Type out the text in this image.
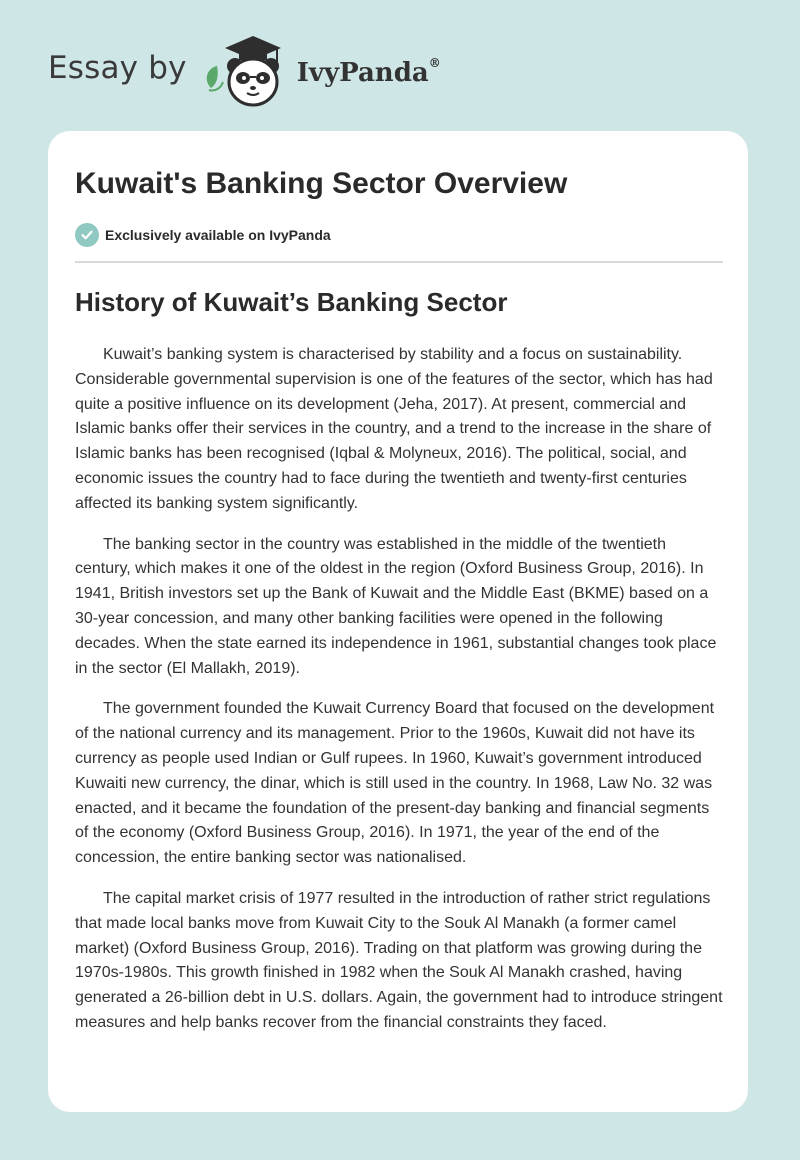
Essay by	IvyPanda®
Kuwait's Banking Sector Overview
Exclusively available on IvyPanda
History of Kuwait’s Banking Sector

Kuwait’s banking system is characterised by stability and a focus on sustainability. Considerable governmental supervision is one of the features of the sector, which has had quite a positive influence on its development (Jeha, 2017). At present, commercial and Islamic banks offer their services in the country, and a trend to the increase in the share of Islamic banks has been recognised (Iqbal & Molyneux, 2016). The political, social, and economic issues the country had to face during the twentieth and twenty-first centuries affected its banking system significantly.

The banking sector in the country was established in the middle of the twentieth century, which makes it one of the oldest in the region (Oxford Business Group, 2016). In 1941, British investors set up the Bank of Kuwait and the Middle East (BKME) based on a 30-year concession, and many other banking facilities were opened in the following decades. When the state earned its independence in 1961, substantial changes took place in the sector (El Mallakh, 2019).

The government founded the Kuwait Currency Board that focused on the development of the national currency and its management. Prior to the 1960s, Kuwait did not have its currency as people used Indian or Gulf rupees. In 1960, Kuwait’s government introduced Kuwaiti new currency, the dinar, which is still used in the country. In 1968, Law No. 32 was enacted, and it became the foundation of the present-day banking and financial segments of the economy (Oxford Business Group, 2016). In 1971, the year of the end of the concession, the entire banking sector was nationalised.

The capital market crisis of 1977 resulted in the introduction of rather strict regulations that made local banks move from Kuwait City to the Souk Al Manakh (a former camel market) (Oxford Business Group, 2016). Trading on that platform was growing during the 1970s-1980s. This growth finished in 1982 when the Souk Al Manakh crashed, having generated a 26-billion debt in U.S. dollars. Again, the government had to introduce stringent measures and help banks recover from the financial constraints they faced.
